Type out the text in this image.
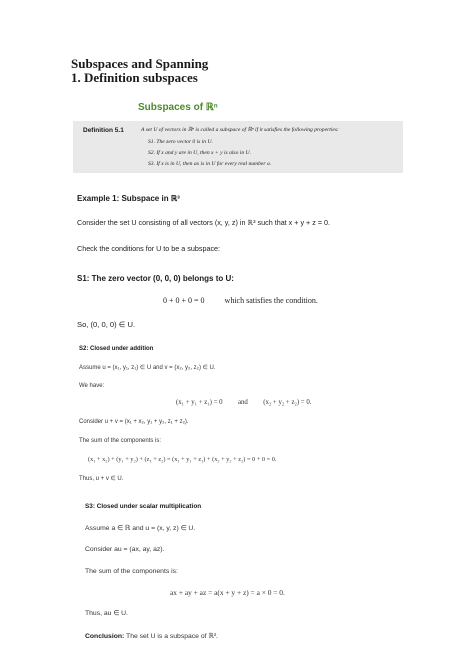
Subspaces and Spanning
1. Definition subspaces
Subspaces of ℝⁿ
Definition 5.1	A set U of vectors in ℝⁿ is called a subspace of ℝⁿ if it satisfies the following properties:
S1. The zero vector 0 is in U.
S2. If x and y are in U, then x + y is also in U.
S3. If x is in U, then ax is in U for every real number a.
Example 1: Subspace in ℝ³
Consider the set U consisting of all vectors (x, y, z) in ℝ³ such that x + y + z = 0.
Check the conditions for U to be a subspace:
S1: The zero vector (0, 0, 0) belongs to U:
0 + 0 + 0 = 0	which satisfies the condition.
So, (0, 0, 0) ∈ U.
S2: Closed under addition
Assume u = (x₁, y₁, z₁) ∈ U and v = (x₂, y₂, z₂) ∈ U.
We have:
(x₁ + y₁ + z₁) = 0 and (x₂ + y₂ + z₂) = 0.
Consider u + v = (x₁ + x₂, y₁ + y₂, z₁ + z₂).
The sum of the components is:
(x₁ + x₂) + (y₁ + y₂) + (z₁ + z₂) = (x₁ + y₁ + z₁) + (x₂ + y₂ + z₂) = 0 + 0 = 0.
Thus, u + v ∈ U.
S3: Closed under scalar multiplication
Assume a ∈ ℝ and u = (x, y, z) ∈ U.
Consider au = (ax, ay, az).
The sum of the components is:
ax + ay + az = a(x + y + z) = a × 0 = 0.
Thus, au ∈ U.
Conclusion: The set U is a subspace of ℝ³.
